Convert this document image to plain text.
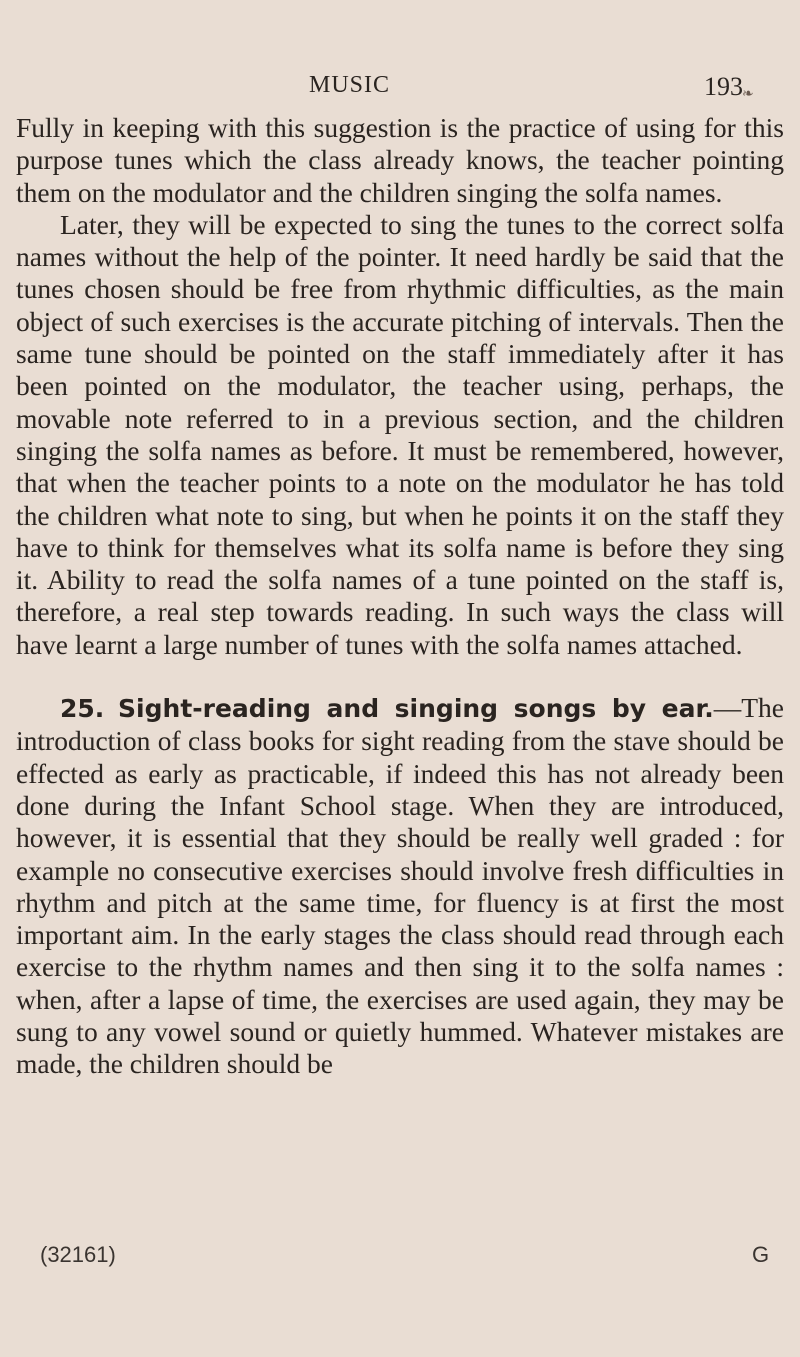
❧
MUSIC	193

Fully in keeping with this suggestion is the practice of using for this purpose tunes which the class already knows, the teacher pointing them on the modulator and the children singing the solfa names.

Later, they will be expected to sing the tunes to the correct solfa names without the help of the pointer. It need hardly be said that the tunes chosen should be free from rhythmic difficulties, as the main object of such exercises is the accurate pitching of intervals. Then the same tune should be pointed on the staff immediately after it has been pointed on the modulator, the teacher using, perhaps, the movable note referred to in a previous section, and the children singing the solfa names as before. It must be remembered, however, that when the teacher points to a note on the modulator he has told the children what note to sing, but when he points it on the staff they have to think for themselves what its solfa name is before they sing it. Ability to read the solfa names of a tune pointed on the staff is, therefore, a real step towards reading. In such ways the class will have learnt a large number of tunes with the solfa names attached.

25. Sight-reading and singing songs by ear.—The introduction of class books for sight reading from the stave should be effected as early as practicable, if indeed this has not already been done during the Infant School stage. When they are introduced, however, it is essential that they should be really well graded : for example no consecutive exercises should involve fresh difficulties in rhythm and pitch at the same time, for fluency is at first the most important aim. In the early stages the class should read through each exercise to the rhythm names and then sing it to the solfa names : when, after a lapse of time, the exercises are used again, they may be sung to any vowel sound or quietly hummed. Whatever mistakes are made, the children should be

(32161)	G
